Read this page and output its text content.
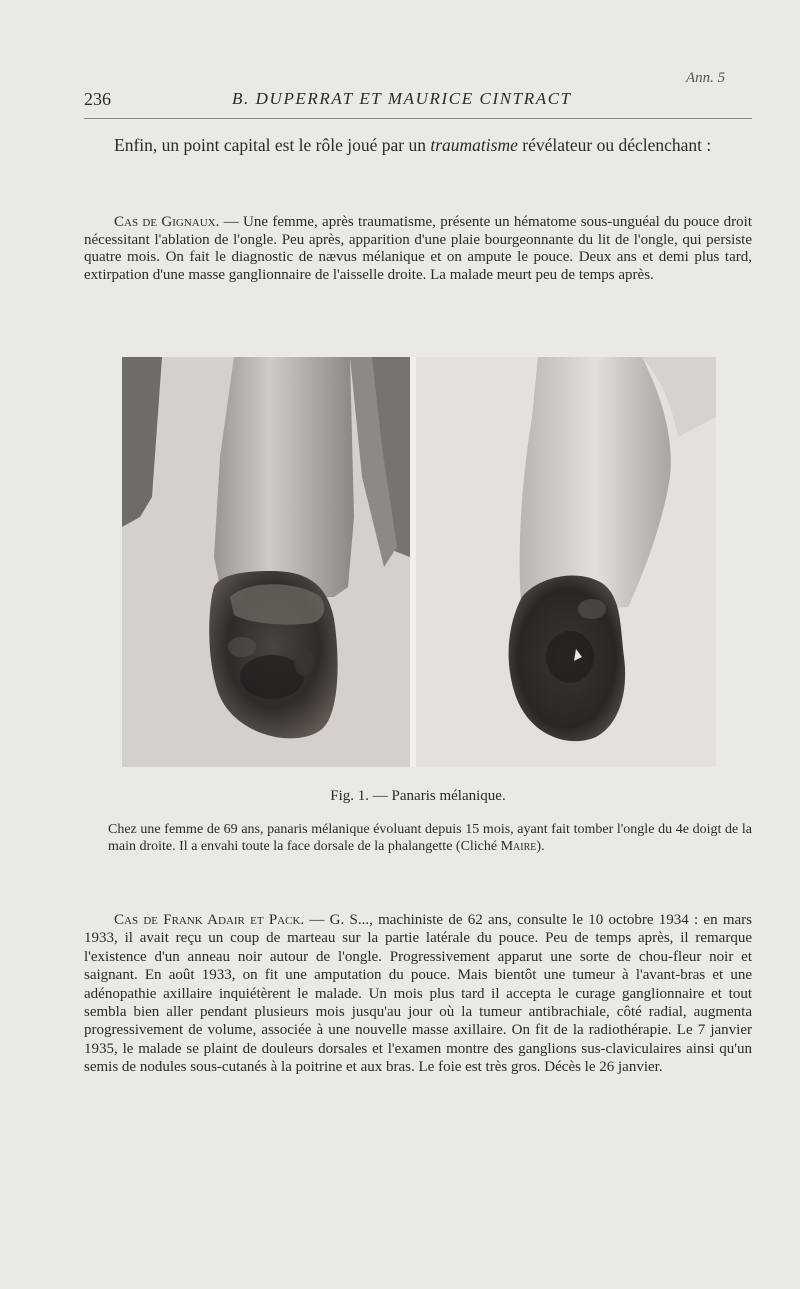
Ann. 5
236	B. DUPERRAT ET MAURICE CINTRACT

Enfin, un point capital est le rôle joué par un traumatisme révélateur ou déclenchant :

Cas de Gignaux. — Une femme, après traumatisme, présente un hématome sous-unguéal du pouce droit nécessitant l'ablation de l'ongle. Peu après, apparition d'une plaie bourgeonnante du lit de l'ongle, qui persiste quatre mois. On fait le diagnostic de nævus mélanique et on ampute le pouce. Deux ans et demi plus tard, extirpation d'une masse ganglionnaire de l'aisselle droite. La malade meurt peu de temps après.

Fig. 1. — Panaris mélanique.

Chez une femme de 69 ans, panaris mélanique évoluant depuis 15 mois, ayant fait tomber l'ongle du 4e doigt de la main droite. Il a envahi toute la face dorsale de la phalangette (Cliché Maire).

Cas de Frank Adair et Pack. — G. S..., machiniste de 62 ans, consulte le 10 octobre 1934 : en mars 1933, il avait reçu un coup de marteau sur la partie latérale du pouce. Peu de temps après, il remarque l'existence d'un anneau noir autour de l'ongle. Progressivement apparut une sorte de chou-fleur noir et saignant. En août 1933, on fit une amputation du pouce. Mais bientôt une tumeur à l'avant-bras et une adénopathie axillaire inquiétèrent le malade. Un mois plus tard il accepta le curage ganglionnaire et tout sembla bien aller pendant plusieurs mois jusqu'au jour où la tumeur antibrachiale, côté radial, augmenta progressivement de volume, associée à une nouvelle masse axillaire. On fit de la radiothérapie. Le 7 janvier 1935, le malade se plaint de douleurs dorsales et l'examen montre des ganglions sus-claviculaires ainsi qu'un semis de nodules sous-cutanés à la poitrine et aux bras. Le foie est très gros. Décès le 26 janvier.
